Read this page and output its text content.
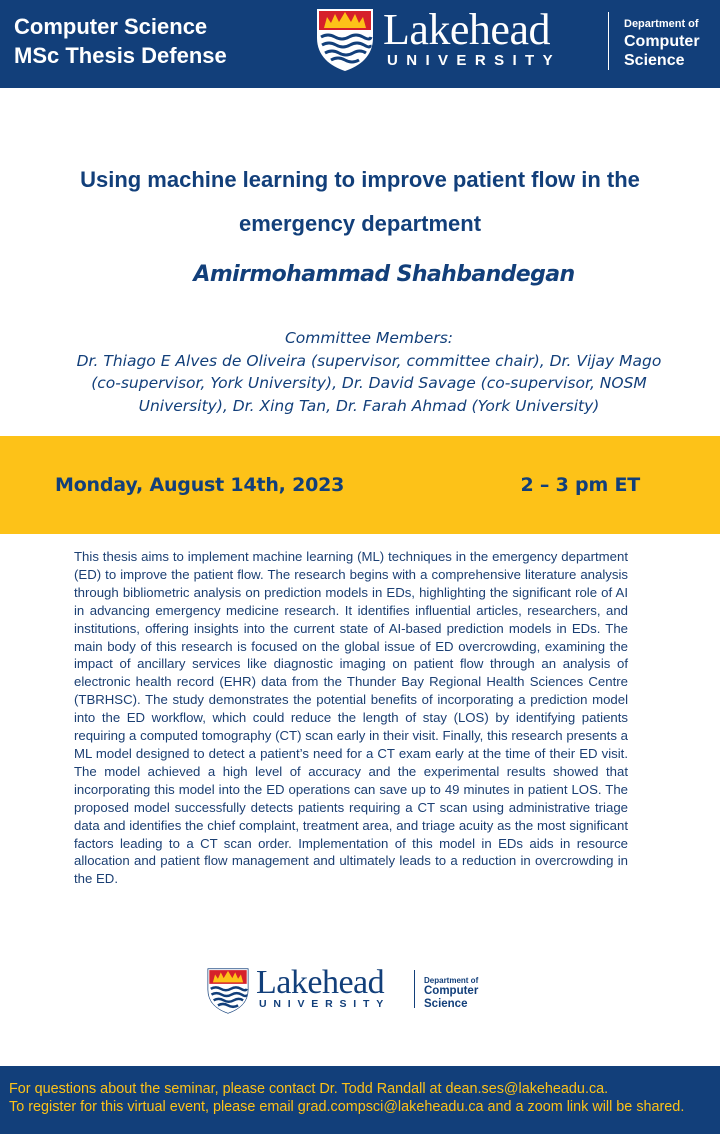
Computer Science
MSc Thesis Defense
Lakehead
UNIVERSITY
Department of
Computer
Science
Using machine learning to improve patient flow in the emergency department
Amirmohammad Shahbandegan
Committee Members:
Dr. Thiago E Alves de Oliveira (supervisor, committee chair), Dr. Vijay Mago
(co-supervisor, York University), Dr. David Savage (co-supervisor, NOSM
University), Dr. Xing Tan, Dr. Farah Ahmad (York University)
Monday, August 14th, 2023	2 – 3 pm ET

This thesis aims to implement machine learning (ML) techniques in the emergency department (ED) to improve the patient flow. The research begins with a comprehensive literature analysis through bibliometric analysis on prediction models in EDs, highlighting the significant role of AI in advancing emergency medicine research. It identifies influential articles, researchers, and institutions, offering insights into the current state of AI-based prediction models in EDs. The main body of this research is focused on the global issue of ED overcrowding, examining the impact of ancillary services like diagnostic imaging on patient flow through an analysis of electronic health record (EHR) data from the Thunder Bay Regional Health Sciences Centre (TBRHSC). The study demonstrates the potential benefits of incorporating a prediction model into the ED workflow, which could reduce the length of stay (LOS) by identifying patients requiring a computed tomography (CT) scan early in their visit. Finally, this research presents a ML model designed to detect a patient’s need for a CT exam early at the time of their ED visit. The model achieved a high level of accuracy and the experimental results showed that incorporating this model into the ED operations can save up to 49 minutes in patient LOS. The proposed model successfully detects patients requiring a CT scan using administrative triage data and identifies the chief complaint, treatment area, and triage acuity as the most significant factors leading to a CT scan order. Implementation of this model in EDs aids in resource allocation and patient flow management and ultimately leads to a reduction in overcrowding in the ED.

Lakehead
UNIVERSITY
Department of
Computer
Science
For questions about the seminar, please contact Dr. Todd Randall at dean.ses@lakeheadu.ca.
To register for this virtual event, please email grad.compsci@lakeheadu.ca and a zoom link will be shared.
